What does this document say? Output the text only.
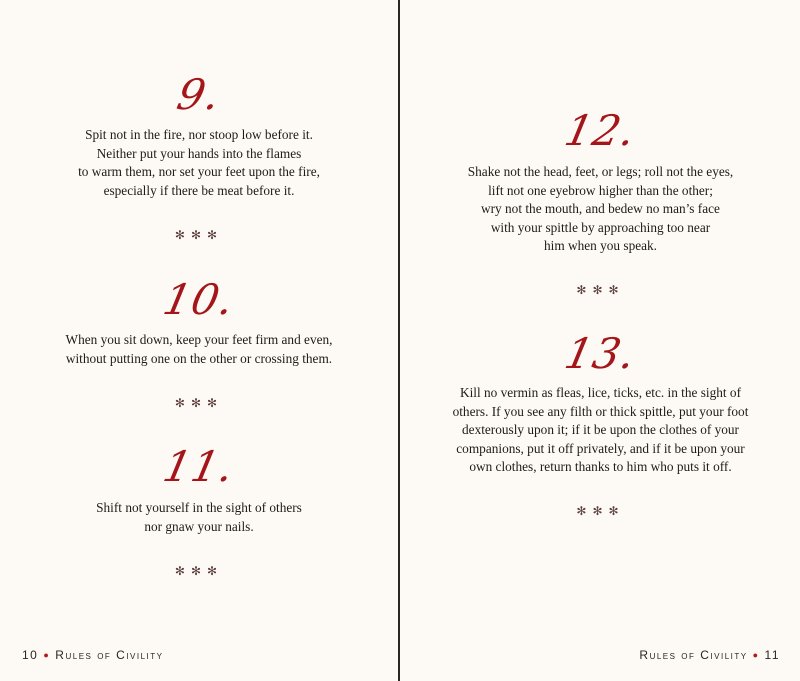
9.
Spit not in the fire, nor stoop low before it.
Neither put your hands into the flames
to warm them, nor set your feet upon the fire,
especially if there be meat before it.
✻✻✻
10.
When you sit down, keep your feet firm and even,
without putting one on the other or crossing them.
✻✻✻
11.
Shift not yourself in the sight of others
nor gnaw your nails.
✻✻✻
10 ● Rules of Civility
12.
Shake not the head, feet, or legs; roll not the eyes,
lift not one eyebrow higher than the other;
wry not the mouth, and bedew no man’s face
with your spittle by approaching too near
him when you speak.
✻✻✻
13.
Kill no vermin as fleas, lice, ticks, etc. in the sight of
others. If you see any filth or thick spittle, put your foot
dexterously upon it; if it be upon the clothes of your
companions, put it off privately, and if it be upon your
own clothes, return thanks to him who puts it off.
✻✻✻
Rules of Civility ● 11
